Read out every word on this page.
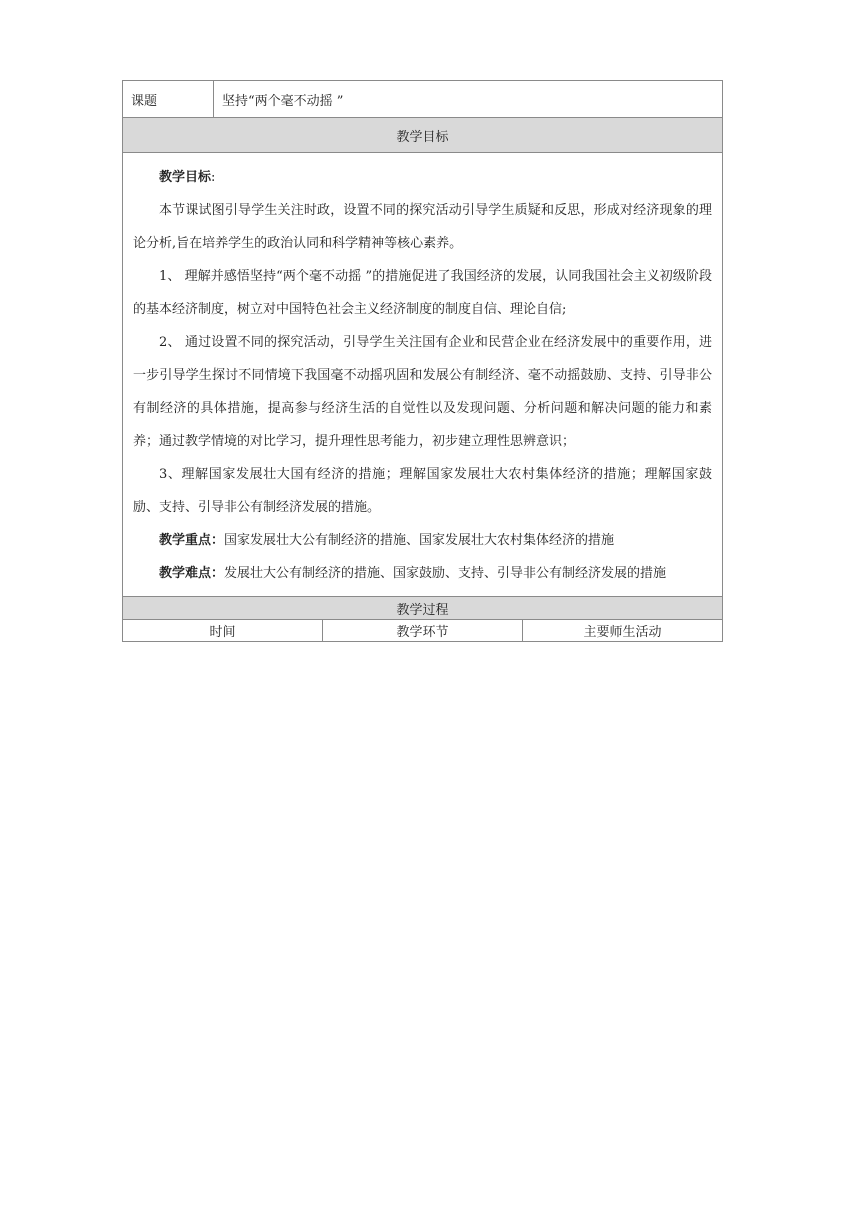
课题	坚持“两个毫不动摇 ”
教学目标

教学目标:

本节课试图引导学生关注时政，设置不同的探究活动引导学生质疑和反思，形成对经济现象的理论分析,旨在培养学生的政治认同和科学精神等核心素养。

1、 理解并感悟坚持“两个毫不动摇 ”的措施促进了我国经济的发展，认同我国社会主义初级阶段的基本经济制度，树立对中国特色社会主义经济制度的制度自信、理论自信;

2、 通过设置不同的探究活动，引导学生关注国有企业和民营企业在经济发展中的重要作用，进一步引导学生探讨不同情境下我国毫不动摇巩固和发展公有制经济、毫不动摇鼓励、支持、引导非公有制经济的具体措施，提高参与经济生活的自觉性以及发现问题、分析问题和解决问题的能力和素养；通过教学情境的对比学习，提升理性思考能力，初步建立理性思辨意识；

3、理解国家发展壮大国有经济的措施；理解国家发展壮大农村集体经济的措施；理解国家鼓励、支持、引导非公有制经济发展的措施。

教学重点：国家发展壮大公有制经济的措施、国家发展壮大农村集体经济的措施

教学难点：发展壮大公有制经济的措施、国家鼓励、支持、引导非公有制经济发展的措施

教学过程
时间	教学环节	主要师生活动
